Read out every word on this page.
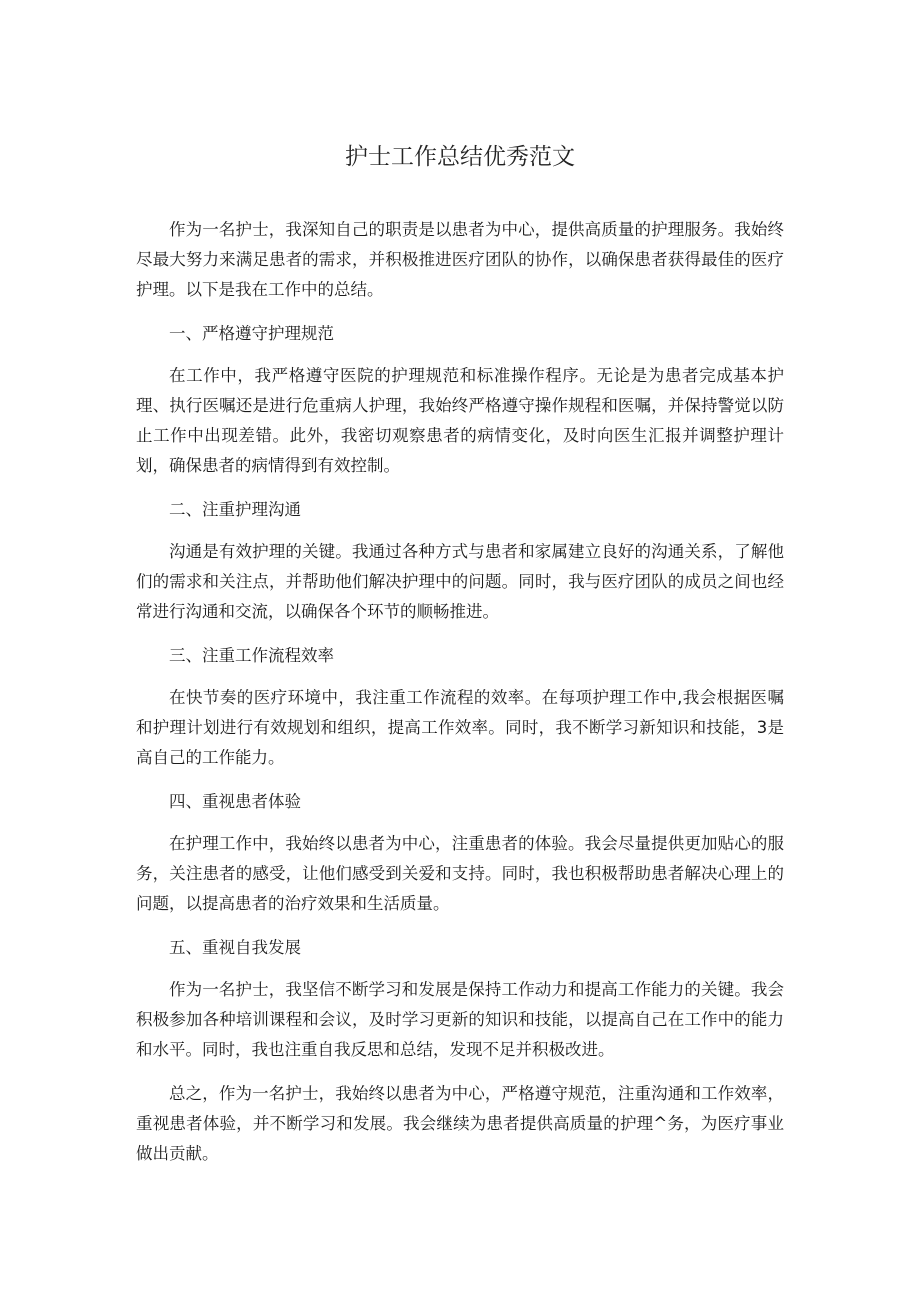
护士工作总结优秀范文

作为一名护士，我深知自己的职责是以患者为中心，提供高质量的护理服务。我始终尽最大努力来满足患者的需求，并积极推进医疗团队的协作，以确保患者获得最佳的医疗护理。以下是我在工作中的总结。

一、严格遵守护理规范

在工作中，我严格遵守医院的护理规范和标准操作程序。无论是为患者完成基本护理、执行医嘱还是进行危重病人护理，我始终严格遵守操作规程和医嘱，并保持警觉以防止工作中出现差错。此外，我密切观察患者的病情变化，及时向医生汇报并调整护理计划，确保患者的病情得到有效控制。

二、注重护理沟通

沟通是有效护理的关键。我通过各种方式与患者和家属建立良好的沟通关系，了解他们的需求和关注点，并帮助他们解决护理中的问题。同时，我与医疗团队的成员之间也经常进行沟通和交流，以确保各个环节的顺畅推进。

三、注重工作流程效率

在快节奏的医疗环境中，我注重工作流程的效率。在每项护理工作中,我会根据医嘱和护理计划进行有效规划和组织，提高工作效率。同时，我不断学习新知识和技能，3是高自己的工作能力。

四、重视患者体验

在护理工作中，我始终以患者为中心，注重患者的体验。我会尽量提供更加贴心的服务，关注患者的感受，让他们感受到关爱和支持。同时，我也积极帮助患者解决心理上的问题，以提高患者的治疗效果和生活质量。

五、重视自我发展

作为一名护士，我坚信不断学习和发展是保持工作动力和提高工作能力的关键。我会积极参加各种培训课程和会议，及时学习更新的知识和技能，以提高自己在工作中的能力和水平。同时，我也注重自我反思和总结，发现不足并积极改进。

总之，作为一名护士，我始终以患者为中心，严格遵守规范，注重沟通和工作效率，重视患者体验，并不断学习和发展。我会继续为患者提供高质量的护理^务，为医疗事业做出贡献。
